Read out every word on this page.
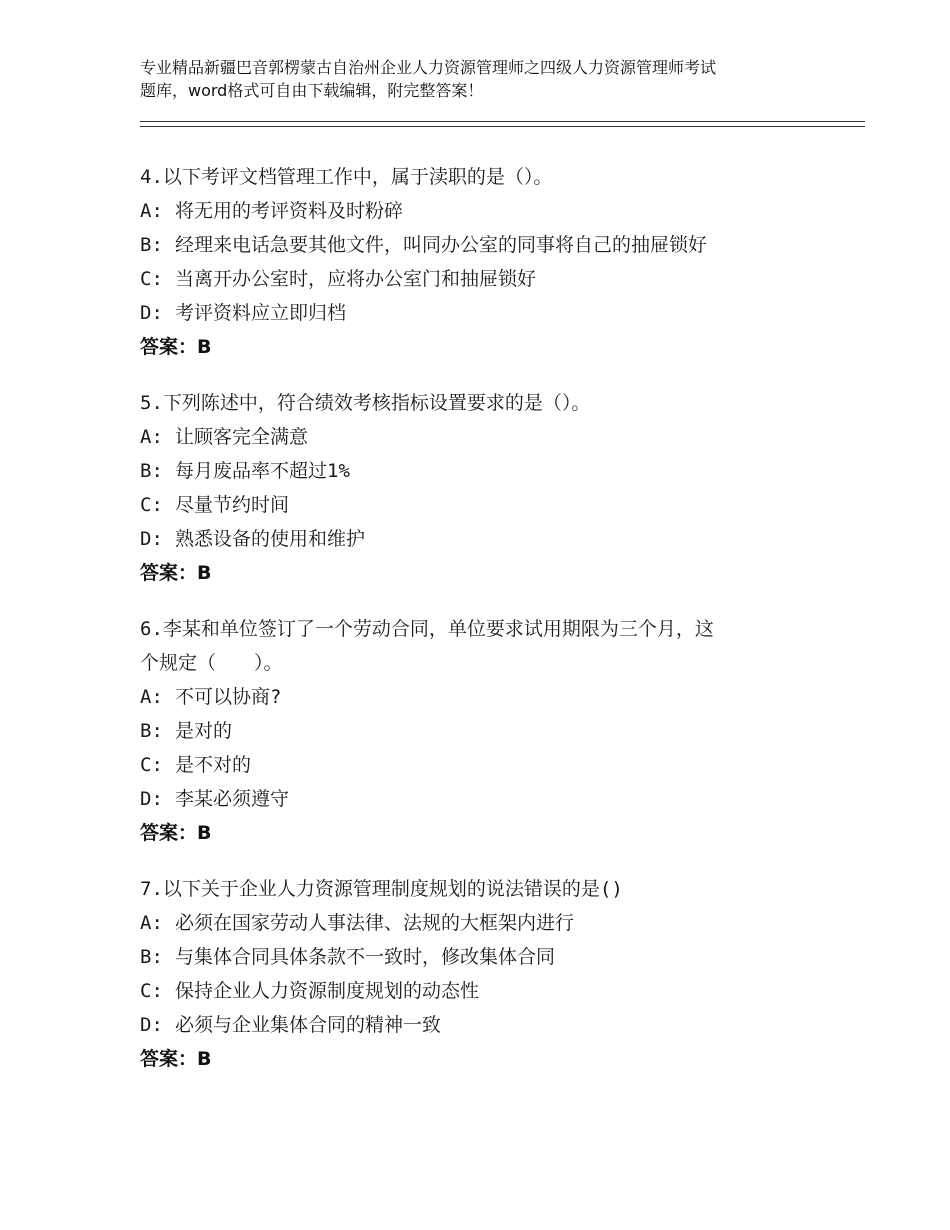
专业精品新疆巴音郭楞蒙古自治州企业人力资源管理师之四级人力资源管理师考试
题库，word格式可自由下载编辑，附完整答案！
4.以下考评文档管理工作中，属于渎职的是（）。
A: 将无用的考评资料及时粉碎
B: 经理来电话急要其他文件，叫同办公室的同事将自己的抽屉锁好
C: 当离开办公室时，应将办公室门和抽屉锁好
D: 考评资料应立即归档
答案：B
5.下列陈述中，符合绩效考核指标设置要求的是（）。
A: 让顾客完全满意
B: 每月废品率不超过1%
C: 尽量节约时间
D: 熟悉设备的使用和维护
答案：B
6.李某和单位签订了一个劳动合同，单位要求试用期限为三个月，这
个规定（　　）。
A: 不可以协商?
B: 是对的
C: 是不对的
D: 李某必须遵守
答案：B
7.以下关于企业人力资源管理制度规划的说法错误的是()
A: 必须在国家劳动人事法律、法规的大框架内进行
B: 与集体合同具体条款不一致时，修改集体合同
C: 保持企业人力资源制度规划的动态性
D: 必须与企业集体合同的精神一致
答案：B
